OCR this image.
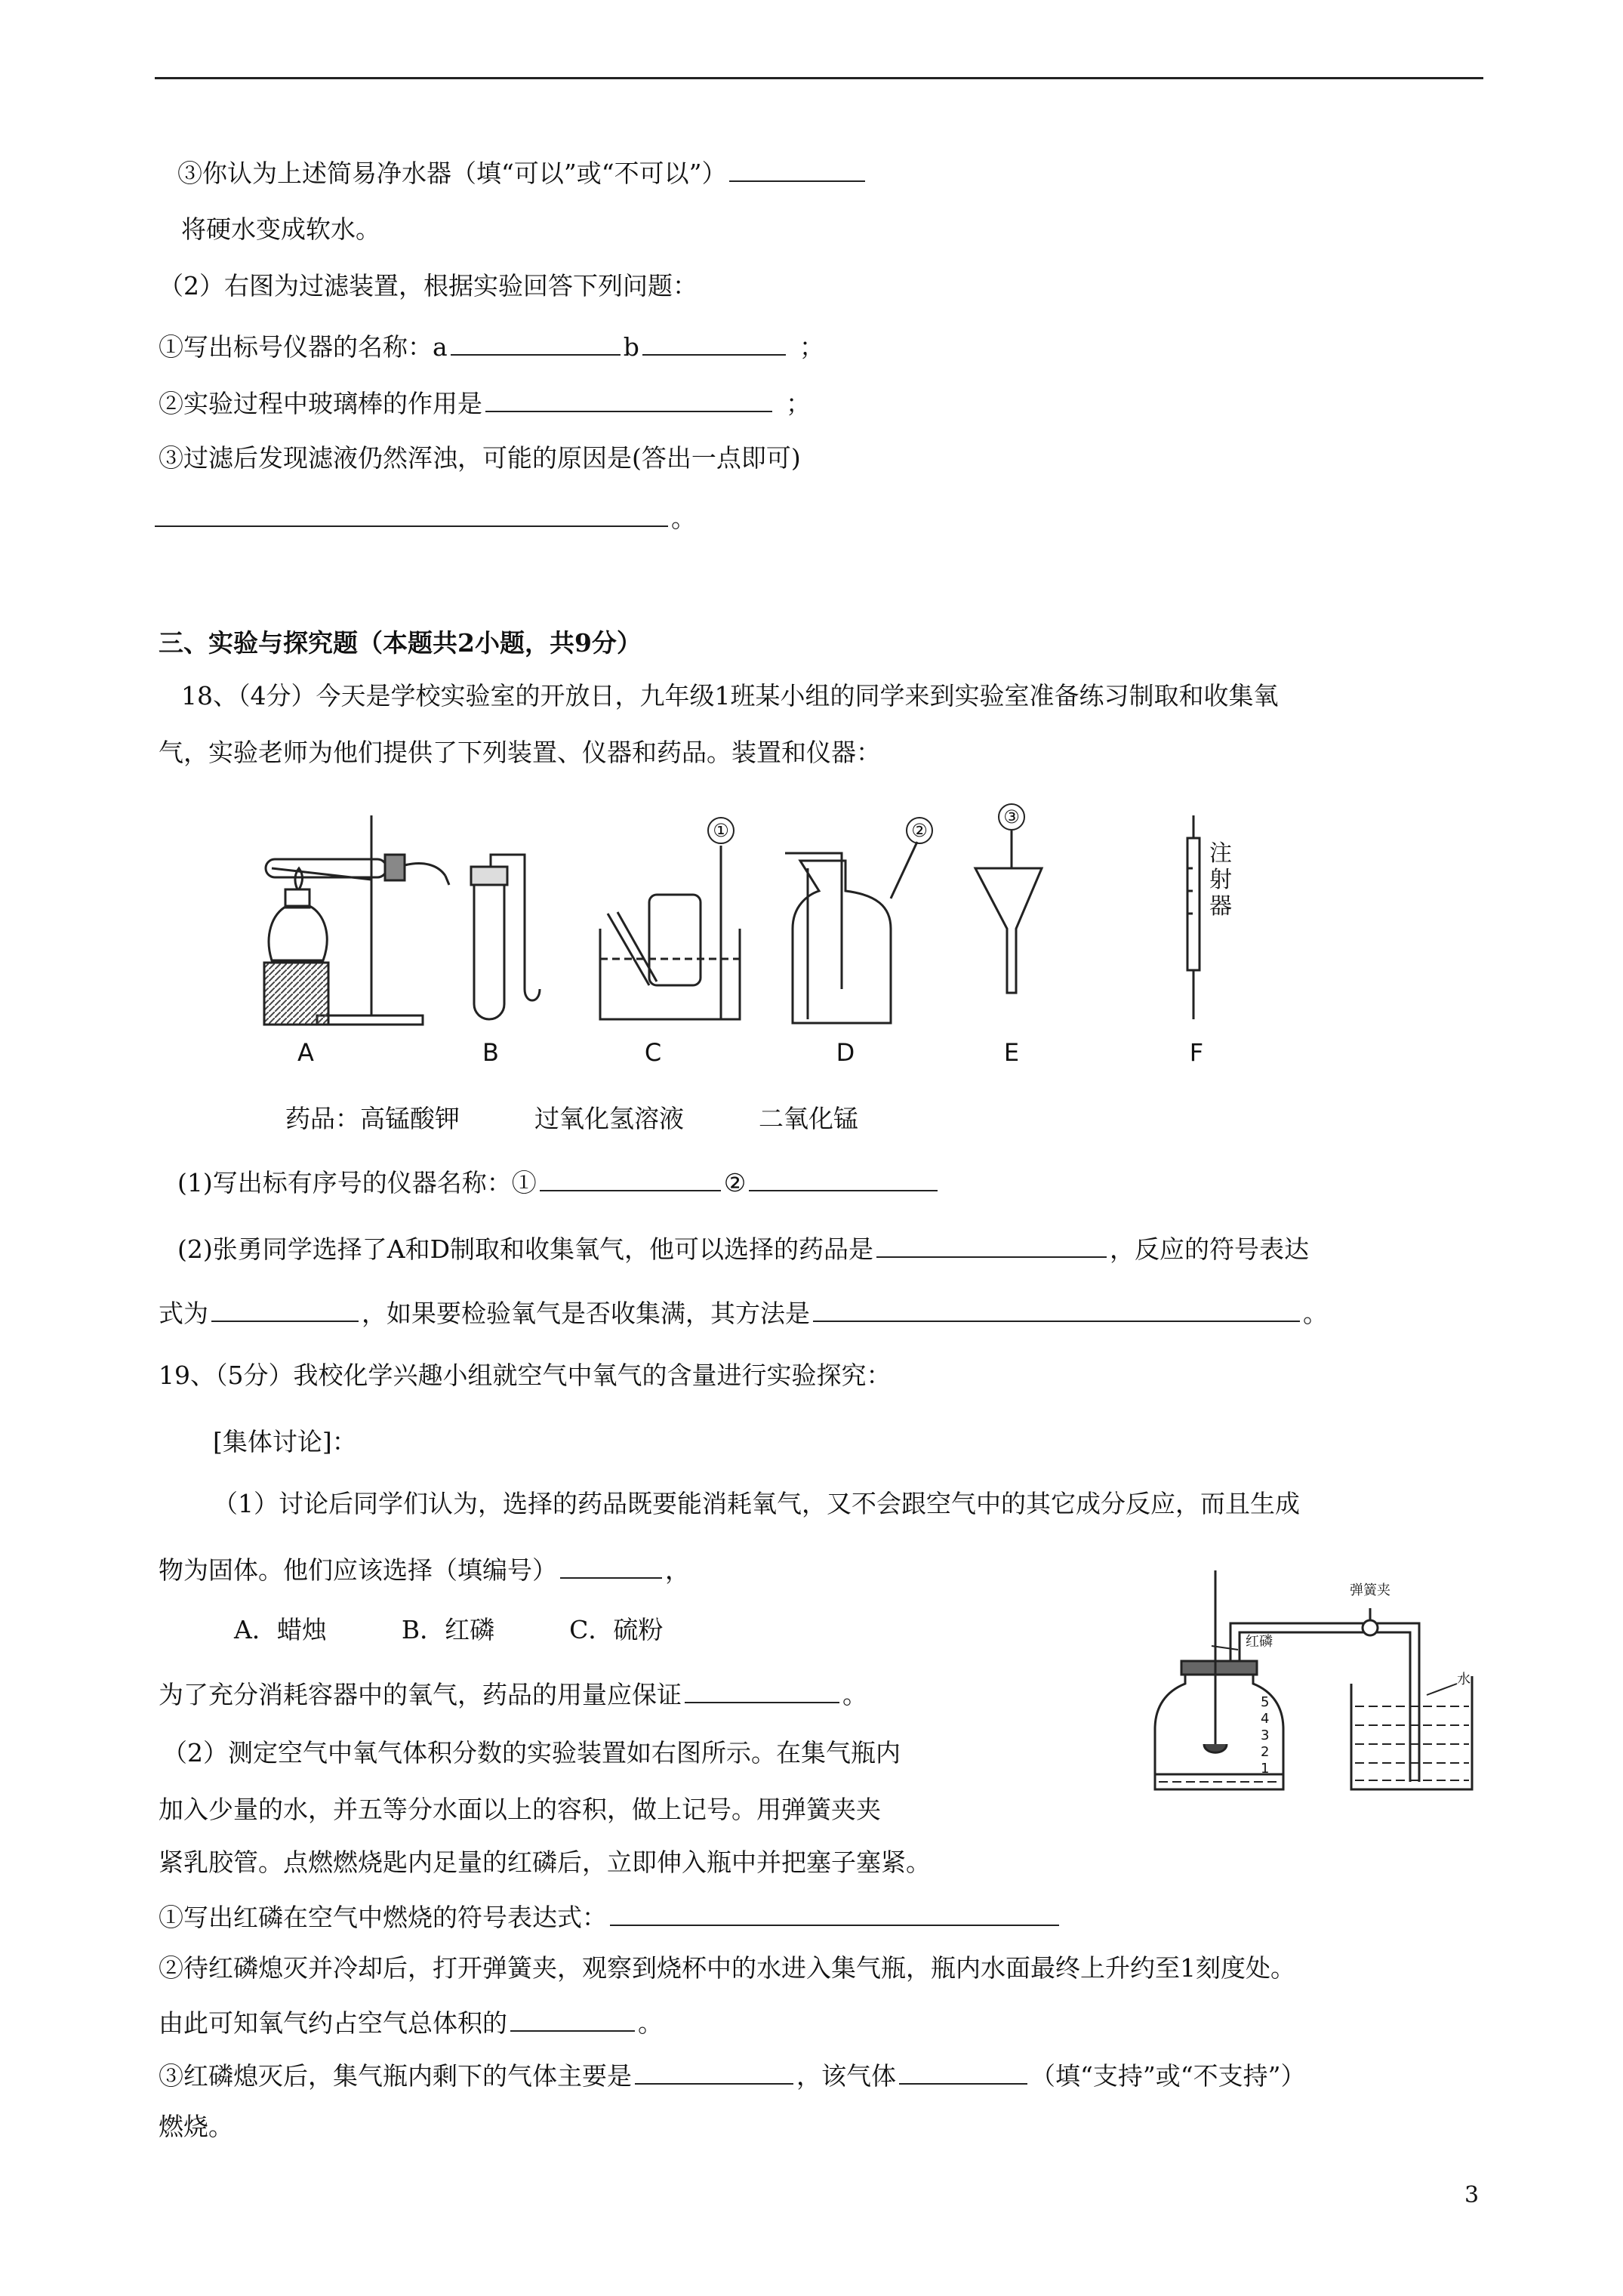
③你认为上述简易净水器（填“可以”或“不可以”）
将硬水变成软水。
（2）右图为过滤装置，根据实验回答下列问题：
①写出标号仪器的名称：a	b	；
②实验过程中玻璃棒的作用是	；
③过滤后发现滤液仍然浑浊，可能的原因是(答出一点即可)
。
三、实验与探究题（本题共2小题，共9分）
18、（4分）今天是学校实验室的开放日，九年级1班某小组的同学来到实验室准备练习制取和收集氧
气，实验老师为他们提供了下列装置、仪器和药品。装置和仪器：
①	②
③
注
射
器
A	B	C	D	E	F
药品：高锰酸钾　　　过氧化氢溶液　　　二氧化锰
(1)写出标有序号的仪器名称：①	②
(2)张勇同学选择了A和D制取和收集氧气，他可以选择的药品是	，反应的符号表达
式为	，如果要检验氧气是否收集满，其方法是	。
19、（5分）我校化学兴趣小组就空气中氧气的含量进行实验探究：
[集体讨论]：
（1）讨论后同学们认为，选择的药品既要能消耗氧气，又不会跟空气中的其它成分反应，而且生成
物为固体。他们应该选择（填编号）	，
A．蜡烛　　　B．红磷　　　C．硫粉
为了充分消耗容器中的氧气，药品的用量应保证	。
弹簧夹
红磷
水
5
4
3
2
1
（2）测定空气中氧气体积分数的实验装置如右图所示。在集气瓶内
加入少量的水，并五等分水面以上的容积，做上记号。用弹簧夹夹
紧乳胶管。点燃燃烧匙内足量的红磷后，立即伸入瓶中并把塞子塞紧。
①写出红磷在空气中燃烧的符号表达式：
②待红磷熄灭并冷却后，打开弹簧夹，观察到烧杯中的水进入集气瓶，瓶内水面最终上升约至1刻度处。
由此可知氧气约占空气总体积的	。
③红磷熄灭后，集气瓶内剩下的气体主要是	，该气体	（填“支持”或“不支持”）
燃烧。
3
